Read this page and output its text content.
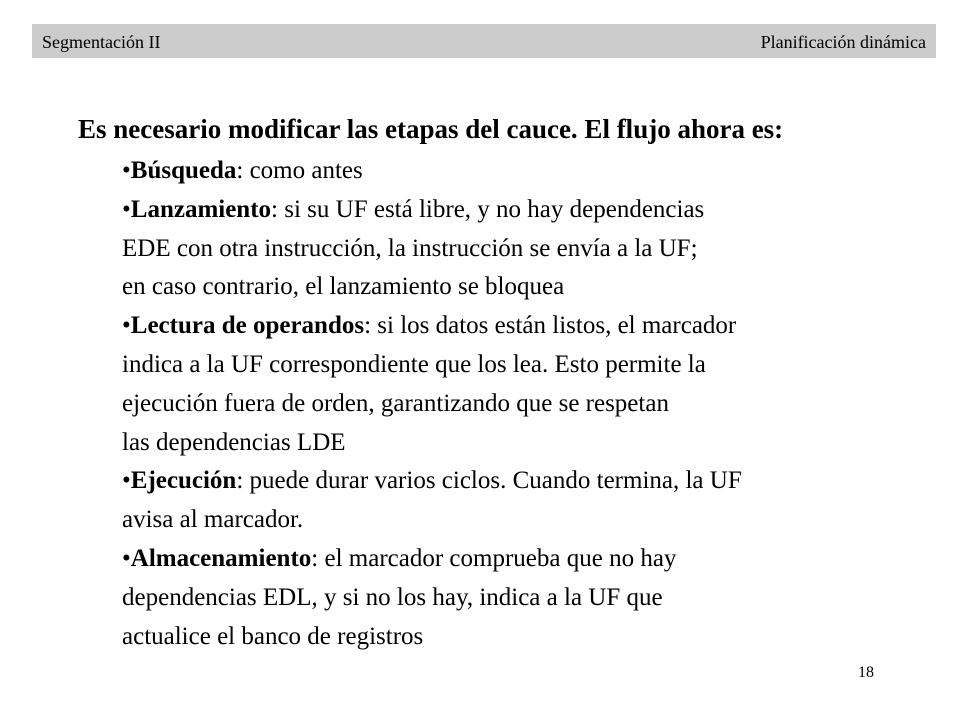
Segmentación II	Planificación dinámica
Es necesario modificar las etapas del cauce. El flujo ahora es:
•Búsqueda: como antes
•Lanzamiento: si su UF está libre, y no hay dependencias
EDE con otra instrucción, la instrucción se envía a la UF;
en caso contrario, el lanzamiento se bloquea
•Lectura de operandos: si los datos están listos, el marcador
indica a la UF correspondiente que los lea. Esto permite la
ejecución fuera de orden, garantizando que se respetan
las dependencias LDE
•Ejecución: puede durar varios ciclos. Cuando termina, la UF
avisa al marcador.
•Almacenamiento: el marcador comprueba que no hay
dependencias EDL, y si no los hay, indica a la UF que
actualice el banco de registros
18
